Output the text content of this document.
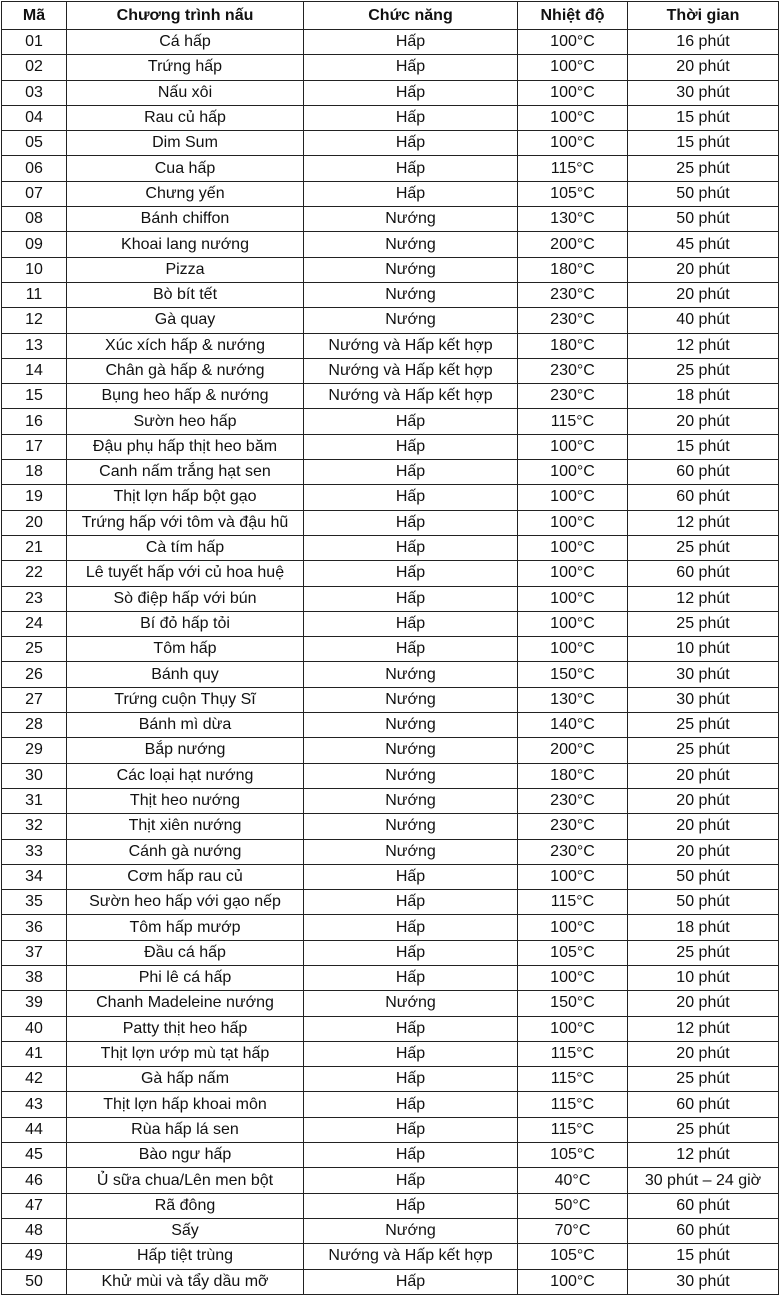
Mã	Chương trình nấu	Chức năng	Nhiệt độ	Thời gian
01	Cá hấp	Hấp	100°C	16 phút
02	Trứng hấp	Hấp	100°C	20 phút
03	Nấu xôi	Hấp	100°C	30 phút
04	Rau củ hấp	Hấp	100°C	15 phút
05	Dim Sum	Hấp	100°C	15 phút
06	Cua hấp	Hấp	115°C	25 phút
07	Chưng yến	Hấp	105°C	50 phút
08	Bánh chiffon	Nướng	130°C	50 phút
09	Khoai lang nướng	Nướng	200°C	45 phút
10	Pizza	Nướng	180°C	20 phút
11	Bò bít tết	Nướng	230°C	20 phút
12	Gà quay	Nướng	230°C	40 phút
13	Xúc xích hấp & nướng	Nướng và Hấp kết hợp	180°C	12 phút
14	Chân gà hấp & nướng	Nướng và Hấp kết hợp	230°C	25 phút
15	Bụng heo hấp & nướng	Nướng và Hấp kết hợp	230°C	18 phút
16	Sườn heo hấp	Hấp	115°C	20 phút
17	Đậu phụ hấp thịt heo băm	Hấp	100°C	15 phút
18	Canh nấm trắng hạt sen	Hấp	100°C	60 phút
19	Thịt lợn hấp bột gạo	Hấp	100°C	60 phút
20	Trứng hấp với tôm và đậu hũ	Hấp	100°C	12 phút
21	Cà tím hấp	Hấp	100°C	25 phút
22	Lê tuyết hấp với củ hoa huệ	Hấp	100°C	60 phút
23	Sò điệp hấp với bún	Hấp	100°C	12 phút
24	Bí đỏ hấp tỏi	Hấp	100°C	25 phút
25	Tôm hấp	Hấp	100°C	10 phút
26	Bánh quy	Nướng	150°C	30 phút
27	Trứng cuộn Thụy Sĩ	Nướng	130°C	30 phút
28	Bánh mì dừa	Nướng	140°C	25 phút
29	Bắp nướng	Nướng	200°C	25 phút
30	Các loại hạt nướng	Nướng	180°C	20 phút
31	Thịt heo nướng	Nướng	230°C	20 phút
32	Thịt xiên nướng	Nướng	230°C	20 phút
33	Cánh gà nướng	Nướng	230°C	20 phút
34	Cơm hấp rau củ	Hấp	100°C	50 phút
35	Sườn heo hấp với gạo nếp	Hấp	115°C	50 phút
36	Tôm hấp mướp	Hấp	100°C	18 phút
37	Đầu cá hấp	Hấp	105°C	25 phút
38	Phi lê cá hấp	Hấp	100°C	10 phút
39	Chanh Madeleine nướng	Nướng	150°C	20 phút
40	Patty thịt heo hấp	Hấp	100°C	12 phút
41	Thịt lợn ướp mù tạt hấp	Hấp	115°C	20 phút
42	Gà hấp nấm	Hấp	115°C	25 phút
43	Thịt lợn hấp khoai môn	Hấp	115°C	60 phút
44	Rùa hấp lá sen	Hấp	115°C	25 phút
45	Bào ngư hấp	Hấp	105°C	12 phút
46	Ủ sữa chua/Lên men bột	Hấp	40°C	30 phút – 24 giờ
47	Rã đông	Hấp	50°C	60 phút
48	Sấy	Nướng	70°C	60 phút
49	Hấp tiệt trùng	Nướng và Hấp kết hợp	105°C	15 phút
50	Khử mùi và tẩy dầu mỡ	Hấp	100°C	30 phút
